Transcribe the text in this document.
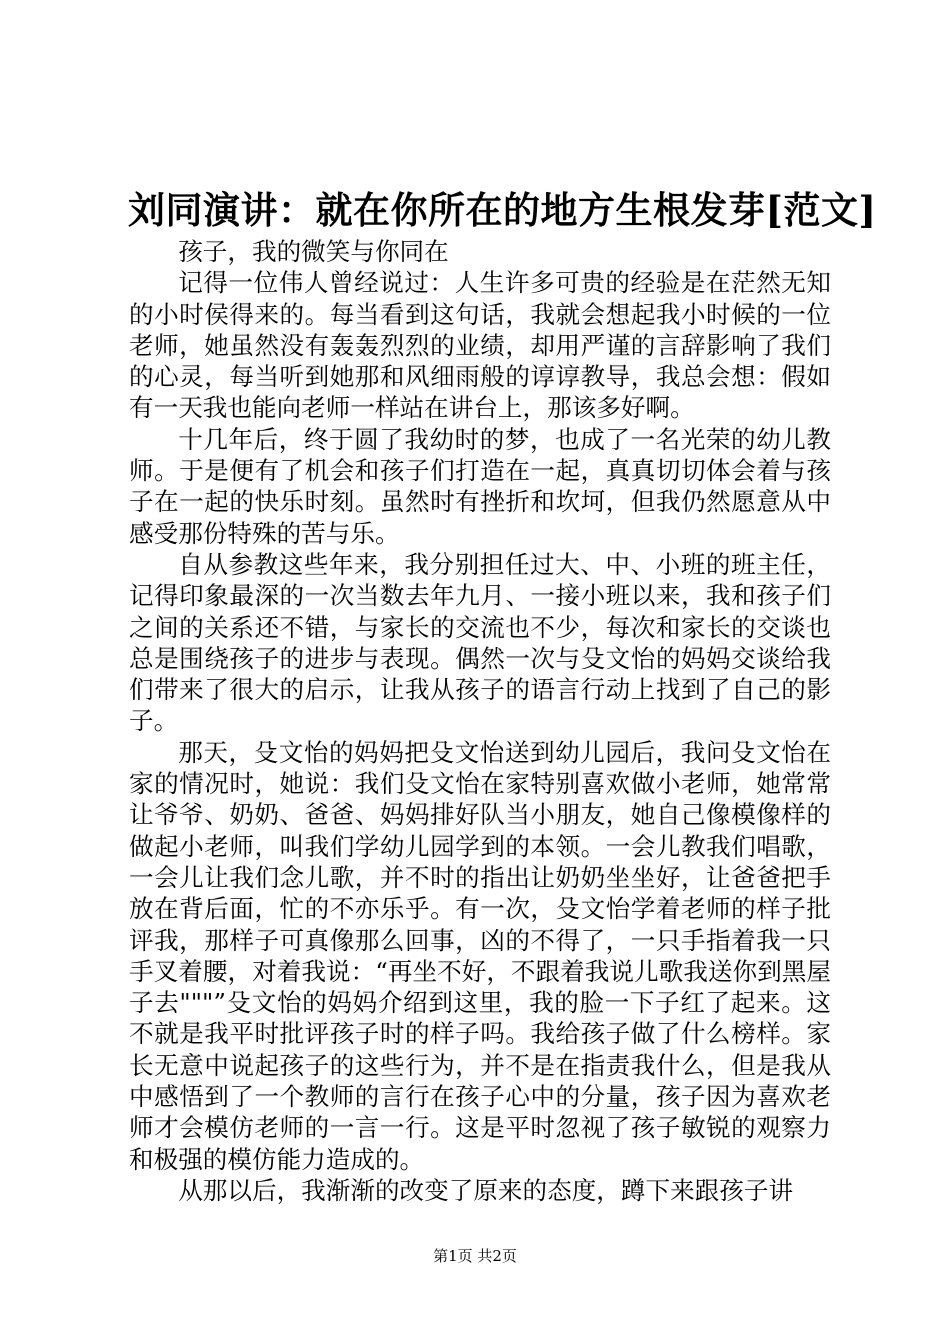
刘同演讲：就在你所在的地方生根发芽[范文]

孩子，我的微笑与你同在

记得一位伟人曾经说过：人生许多可贵的经验是在茫然无知的小时侯得来的。每当看到这句话，我就会想起我小时候的一位老师，她虽然没有轰轰烈烈的业绩，却用严谨的言辞影响了我们的心灵，每当听到她那和风细雨般的谆谆教导，我总会想：假如有一天我也能向老师一样站在讲台上，那该多好啊。

十几年后，终于圆了我幼时的梦，也成了一名光荣的幼儿教师。于是便有了机会和孩子们打造在一起，真真切切体会着与孩子在一起的快乐时刻。虽然时有挫折和坎坷，但我仍然愿意从中感受那份特殊的苦与乐。

自从参教这些年来，我分别担任过大、中、小班的班主任，记得印象最深的一次当数去年九月、一接小班以来，我和孩子们之间的关系还不错，与家长的交流也不少，每次和家长的交谈也总是围绕孩子的进步与表现。偶然一次与殳文怡的妈妈交谈给我们带来了很大的启示，让我从孩子的语言行动上找到了自己的影子。

那天，殳文怡的妈妈把殳文怡送到幼儿园后，我问殳文怡在家的情况时，她说：我们殳文怡在家特别喜欢做小老师，她常常让爷爷、奶奶、爸爸、妈妈排好队当小朋友，她自己像模像样的做起小老师，叫我们学幼儿园学到的本领。一会儿教我们唱歌，一会儿让我们念儿歌，并不时的指出让奶奶坐坐好，让爸爸把手放在背后面，忙的不亦乐乎。有一次，殳文怡学着老师的样子批评我，那样子可真像那么回事，凶的不得了，一只手指着我一只手叉着腰，对着我说：“再坐不好，不跟着我说儿歌我送你到黑屋子去"""”殳文怡的妈妈介绍到这里，我的脸一下子红了起来。这不就是我平时批评孩子时的样子吗。我给孩子做了什么榜样。家长无意中说起孩子的这些行为，并不是在指责我什么，但是我从中感悟到了一个教师的言行在孩子心中的分量，孩子因为喜欢老师才会模仿老师的一言一行。这是平时忽视了孩子敏锐的观察力和极强的模仿能力造成的。

从那以后，我渐渐的改变了原来的态度，蹲下来跟孩子讲

第1页 共2页
